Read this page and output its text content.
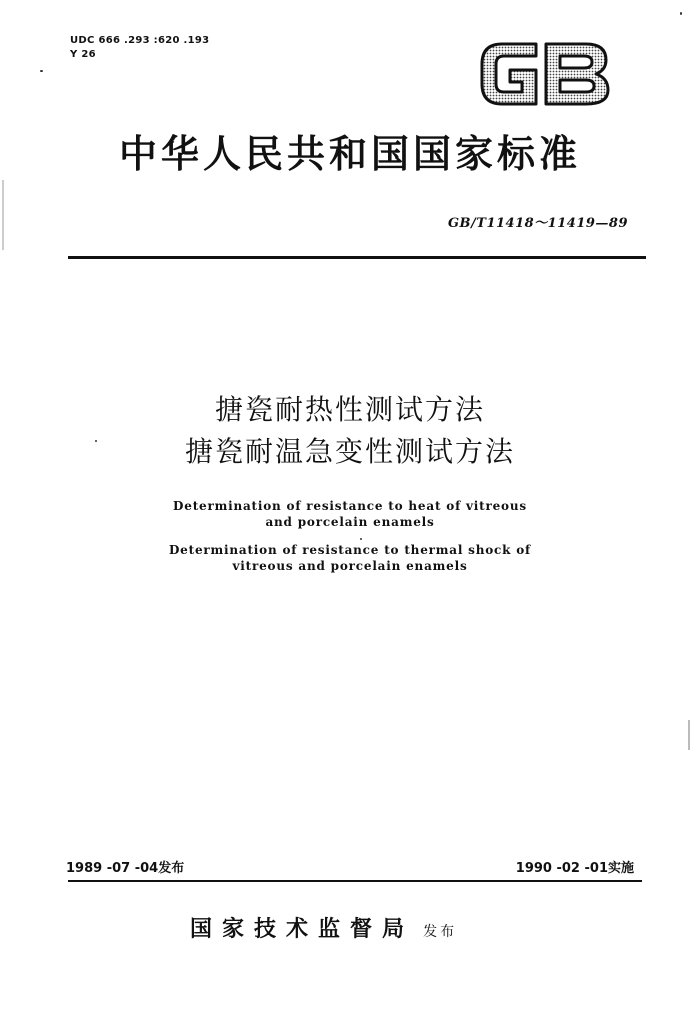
UDC 666 .293 :620 .193
Y 26
中华人民共和国国家标准
GB/T11418～11419—89
搪瓷耐热性测试方法
搪瓷耐温急变性测试方法
Determination of resistance to heat of vitreous
and porcelain enamels
Determination of resistance to thermal shock of
vitreous and porcelain enamels
1989 -07 -04发布	1990 -02 -01实施
国家技术监督局 发布
